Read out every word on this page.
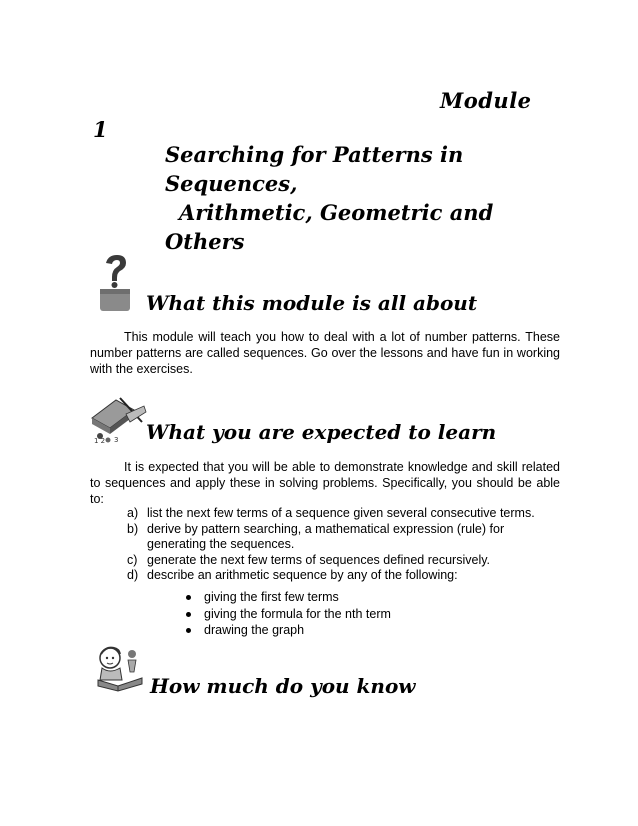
Module
1
Searching for Patterns in
Sequences,
Arithmetic, Geometric and
Others
What this module is all about

This module will teach you how to deal with a lot of number patterns. These number patterns are called sequences. Go over the lessons and have fun in working with the exercises.

1 2 3 What you are expected to learn

It is expected that you will be able to demonstrate knowledge and skill related to sequences and apply these in solving problems. Specifically, you should be able to:

a) list the next few terms of a sequence given several consecutive terms.
b) derive by pattern searching, a mathematical expression (rule) for generating the sequences.
c) generate the next few terms of sequences defined recursively.
d) describe an arithmetic sequence by any of the following:
giving the first few terms
giving the formula for the nth term
drawing the graph
How much do you know
